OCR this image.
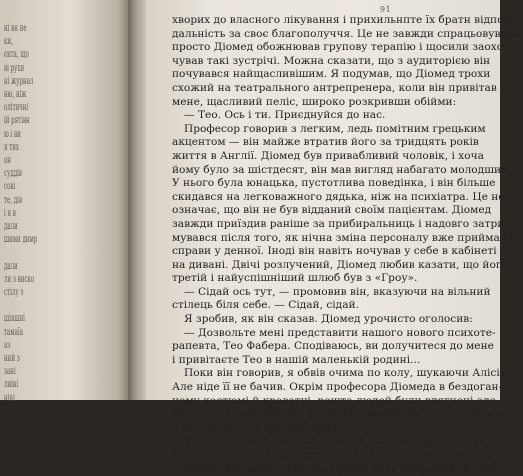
ні вн не
ки,
єкта, що
ві рухи
ні журнал
ню, ніж
олітичні
ій рятівн
ю і ви
я тих
он
суддів
сові
те, дів
і я в
дали
шими димр
дали
ли з виско
стілу з
шіяшні
тамаїа
аз
ний з
зані
лиіні
ніні
91
хворих до власного лікування і прихильнпте їх братн відпові-
дальність за своє благополуччя. Це не завжди спрацьовувало;
просто Діомед обожнював групову терапію і щосили заохо-
чував такі зустрічі. Можна сказати, що з аудиторією він
почувався найщасливішим. Я подумав, що Діомед трохи
схожий на театрального антрепренера, коли він привітав
мене, щасливий пеліс, широко розкривши обійми:
— Тео. Ось і ти. Приєднуйся до нас.
Професор говорив з легким, ледь помітним грецьким
акцентом — він майже втратив його за тридцять років
життя в Англії. Діомед був привабливий чоловік, і хоча
йому було за шістдесят, він мав вигляд набагато молодшим.
У нього була юнацька, пустотлива поведінка, і він більше
скидався на легковажного дядька, ніж на психіатра. Це не
означає, що він не був відданий своїм пацієнтам. Діомед
завжди приїздив раніше за прибиральниць і надовго затри-
мувався після того, як нічна зміна персоналу вже приймала
справи у денної. Іноді він навіть ночував у себе в кабінеті
на дивані. Двічі розлучений, Діомед любив казати, що його
третій і найуспішніший шлюб був з «Гроу».
— Сідай ось тут, — промовив він, вказуючи на вільний
стілець біля себе. — Сідай, сідай.
Я зробив, як він сказав. Діомед урочисто оголосив:
— Дозвольте мені представити нашого нового психоте-
рапевта, Тео Фабера. Сподіваюсь, ви долучитеся до мене
і привітаєте Тео в нашій маленькій родині...
Поки він говорив, я обвів очима по колу, шукаючи Алісію.
Але ніде її не бачив. Окрім професора Діомеда в бездоган-
ному костюмі й краватці, решта людей були вдягнені аде-
більшого в сорочки або футболки. Важко було сказати, хто
з них пацієнт, а хто персонал.
Кілька облич були мені знайомі. Наприклад, Крістіан.
Я знав його з «Броадмуру». Психіатр зі зламаним носом
і темною бородою, любитель регбі. Теть неприємний тип.
